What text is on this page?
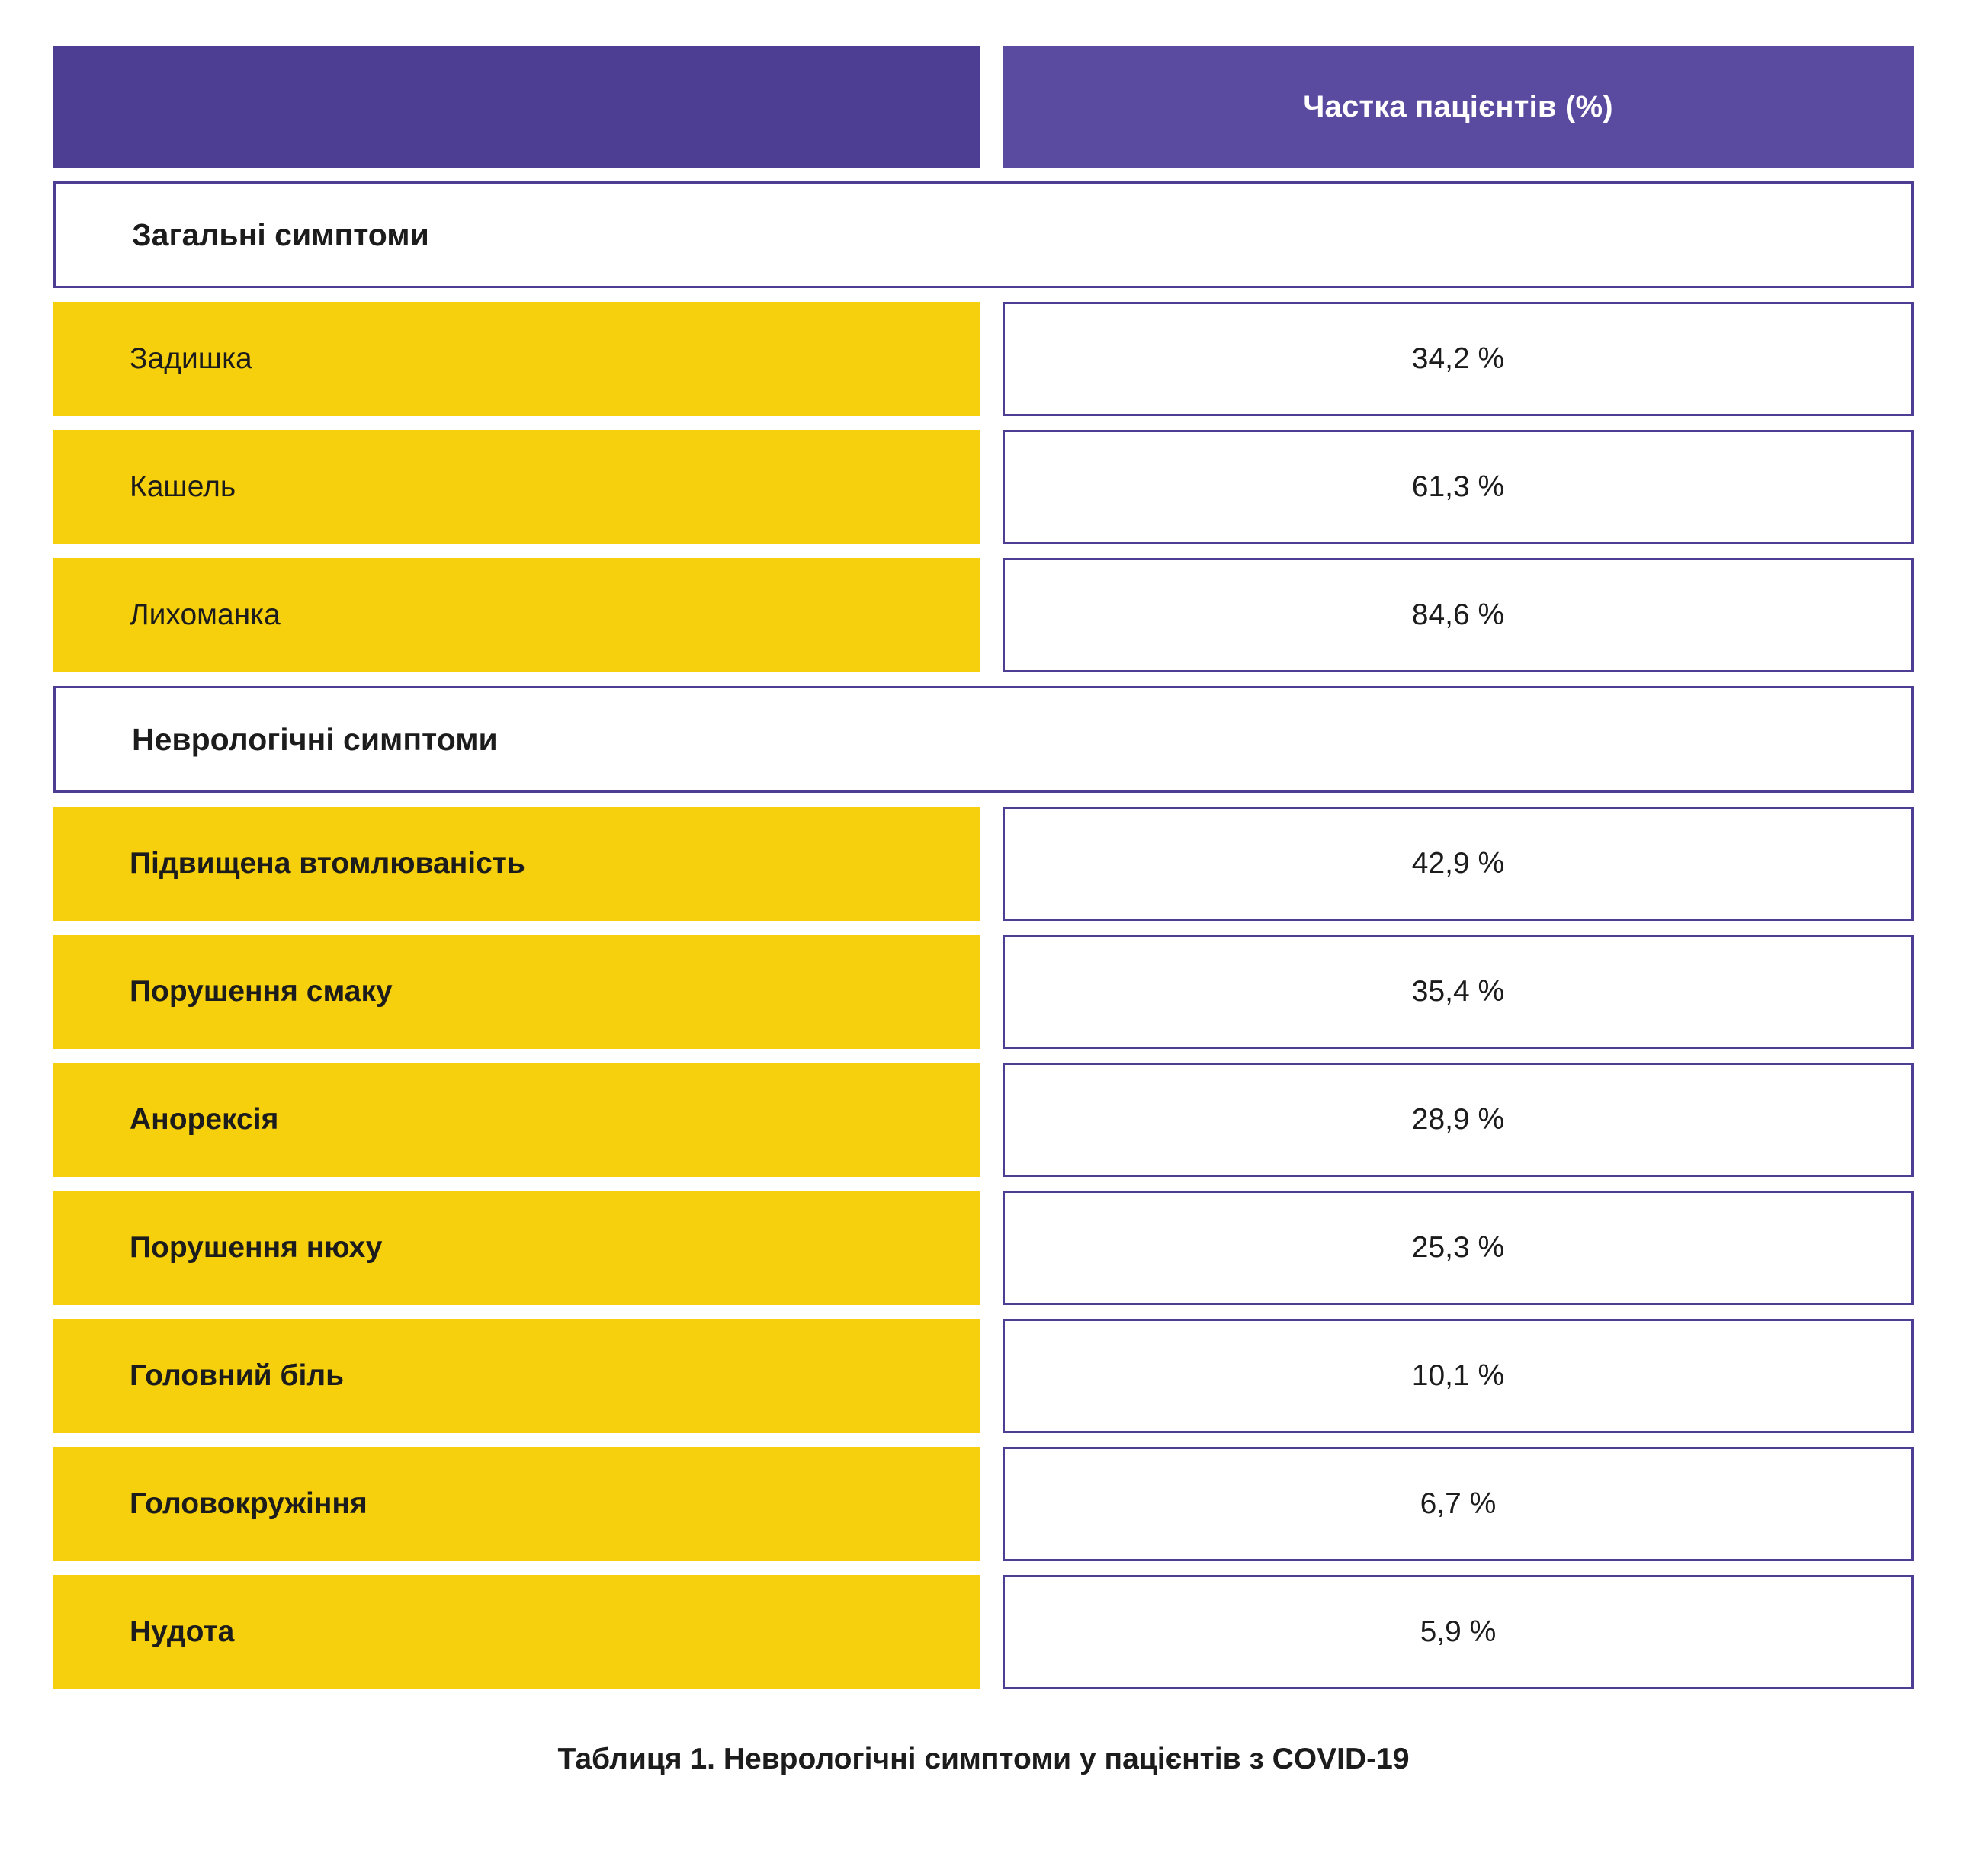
Частка пацієнтів (%)
Загальні симптоми
Задишка	34,2 %
Кашель	61,3 %
Лихоманка	84,6 %
Неврологічні симптоми
Підвищена втомлюваність	42,9 %
Порушення смаку	35,4 %
Анорексія	28,9 %
Порушення нюху	25,3 %
Головний біль	10,1 %
Головокружіння	6,7 %
Нудота	5,9 %
Таблиця 1. Неврологічні симптоми у пацієнтів з COVID-19
